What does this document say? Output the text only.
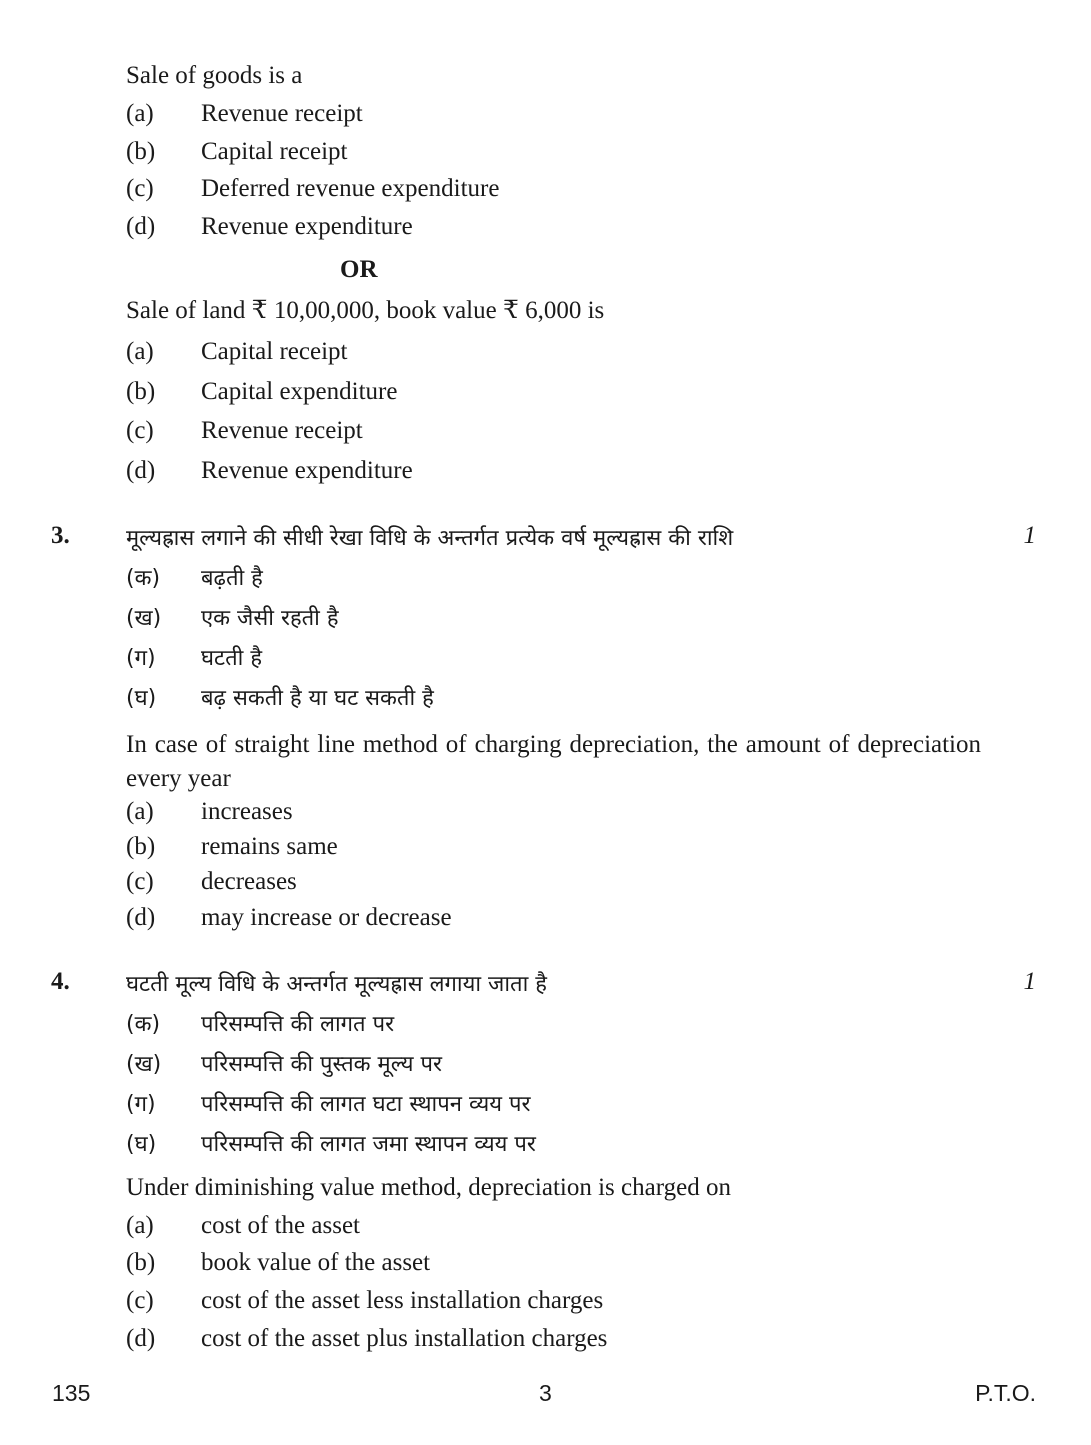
Sale of goods is a
(a) Revenue receipt
(b) Capital receipt
(c) Deferred revenue expenditure
(d) Revenue expenditure
OR
Sale of land ₹ 10,00,000, book value ₹ 6,000 is
(a) Capital receipt
(b) Capital expenditure
(c) Revenue receipt
(d) Revenue expenditure
3.	मूल्यह्रास लगाने की सीधी रेखा विधि के अन्तर्गत प्रत्येक वर्ष मूल्यह्रास की राशि	1
(क) बढ़ती है
(ख) एक जैसी रहती है
(ग) घटती है
(घ) बढ़ सकती है या घट सकती है
In case of straight line method of charging depreciation, the amount of depreciation every year
(a) increases
(b) remains same
(c) decreases
(d) may increase or decrease
4.	घटती मूल्य विधि के अन्तर्गत मूल्यह्रास लगाया जाता है	1
(क) परिसम्पत्ति की लागत पर
(ख) परिसम्पत्ति की पुस्तक मूल्य पर
(ग) परिसम्पत्ति की लागत घटा स्थापन व्यय पर
(घ) परिसम्पत्ति की लागत जमा स्थापन व्यय पर
Under diminishing value method, depreciation is charged on
(a) cost of the asset
(b) book value of the asset
(c) cost of the asset less installation charges
(d) cost of the asset plus installation charges
135	3	P.T.O.
